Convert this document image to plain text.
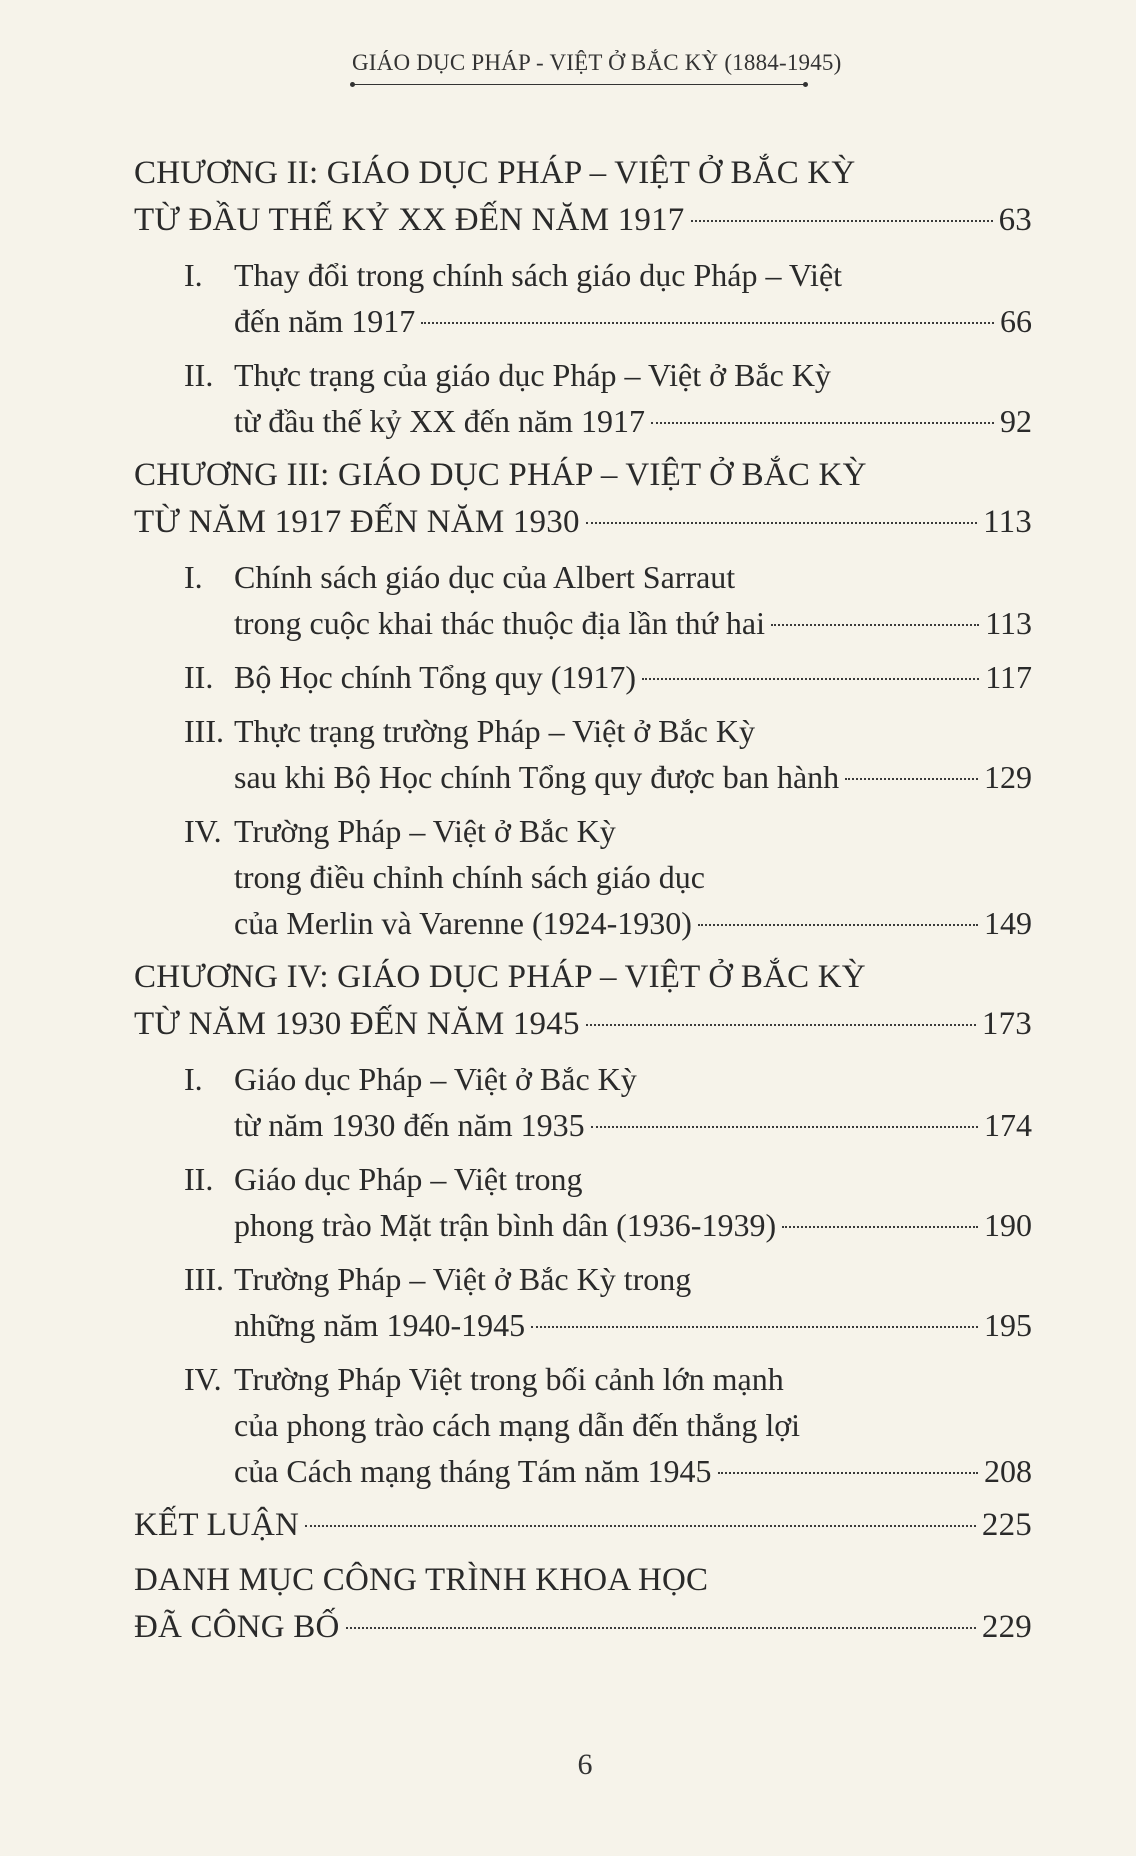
GIÁO DỤC PHÁP - VIỆT Ở BẮC KỲ (1884-1945)
CHƯƠNG II: GIÁO DỤC PHÁP – VIỆT Ở BẮC KỲ
TỪ ĐẦU THẾ KỶ XX ĐẾN NĂM 1917	63
I. Thay đổi trong chính sách giáo dục Pháp – Việt
đến năm 1917	66
II. Thực trạng của giáo dục Pháp – Việt ở Bắc Kỳ
từ đầu thế kỷ XX đến năm 1917	92
CHƯƠNG III: GIÁO DỤC PHÁP – VIỆT Ở BẮC KỲ
TỪ NĂM 1917 ĐẾN NĂM 1930	113
I. Chính sách giáo dục của Albert Sarraut
trong cuộc khai thác thuộc địa lần thứ hai	113
II. Bộ Học chính Tổng quy (1917)	117
III. Thực trạng trường Pháp – Việt ở Bắc Kỳ
sau khi Bộ Học chính Tổng quy được ban hành	129
IV. Trường Pháp – Việt ở Bắc Kỳ
trong điều chỉnh chính sách giáo dục
của Merlin và Varenne (1924-1930)	149
CHƯƠNG IV: GIÁO DỤC PHÁP – VIỆT Ở BẮC KỲ
TỪ NĂM 1930 ĐẾN NĂM 1945	173
I. Giáo dục Pháp – Việt ở Bắc Kỳ
từ năm 1930 đến năm 1935	174
II. Giáo dục Pháp – Việt trong
phong trào Mặt trận bình dân (1936-1939)	190
III. Trường Pháp – Việt ở Bắc Kỳ trong
những năm 1940-1945	195
IV. Trường Pháp Việt trong bối cảnh lớn mạnh
của phong trào cách mạng dẫn đến thắng lợi
của Cách mạng tháng Tám năm 1945	208
KẾT LUẬN	225
DANH MỤC CÔNG TRÌNH KHOA HỌC
ĐÃ CÔNG BỐ	229
6
